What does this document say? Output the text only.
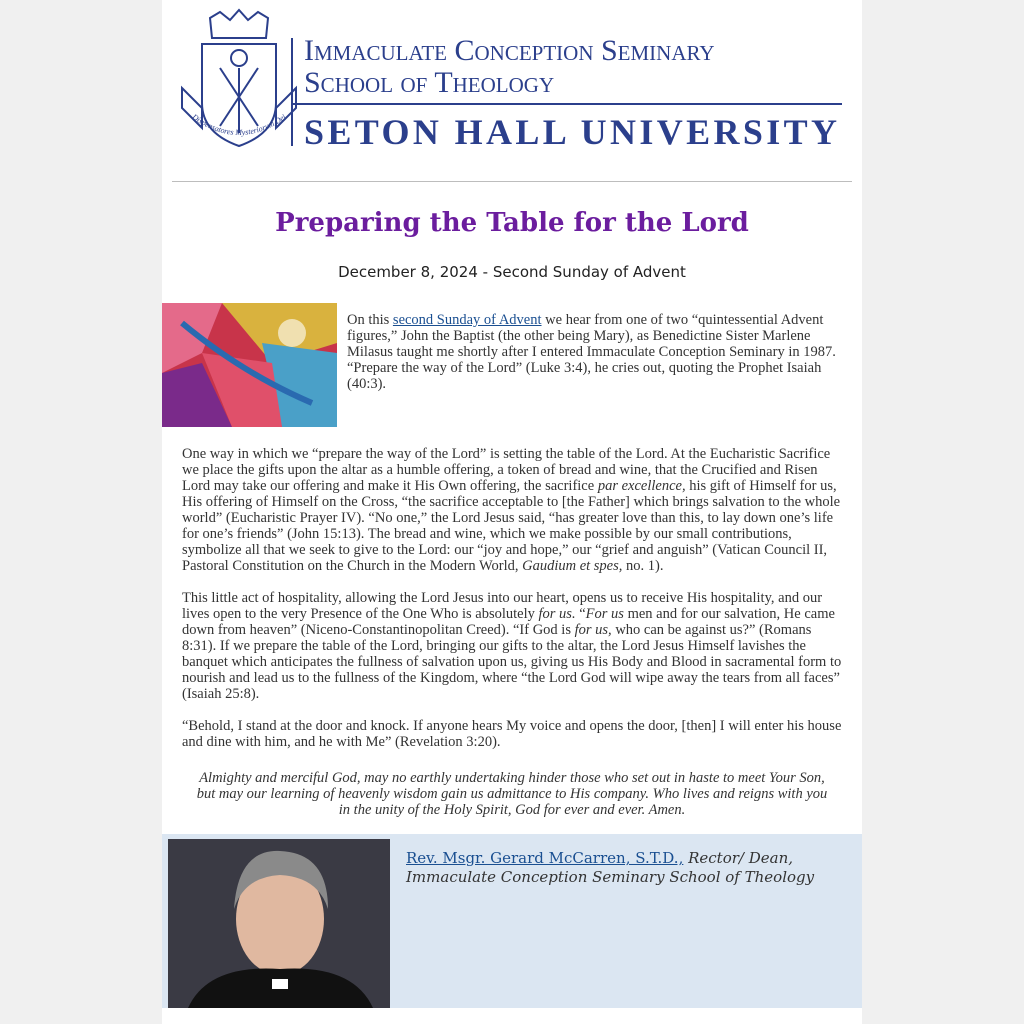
Dispensatores Mysteriorum Dei
Immaculate Conception Seminary
School of Theology
SETON HALL UNIVERSITY
Preparing the Table for the Lord
December 8, 2024 - Second Sunday of Advent
On this second Sunday of Advent we hear from one of two “quintessential Advent figures,” John the Baptist (the other being Mary), as Benedictine Sister Marlene Milasus taught me shortly after I entered Immaculate Conception Seminary in 1987. “Prepare the way of the Lord” (Luke 3:4), he cries out, quoting the Prophet Isaiah (40:3).

One way in which we “prepare the way of the Lord” is setting the table of the Lord. At the Eucharistic Sacrifice we place the gifts upon the altar as a humble offering, a token of bread and wine, that the Crucified and Risen Lord may take our offering and make it His Own offering, the sacrifice par excellence, his gift of Himself for us, His offering of Himself on the Cross, “the sacrifice acceptable to [the Father] which brings salvation to the whole world” (Eucharistic Prayer IV). “No one,” the Lord Jesus said, “has greater love than this, to lay down one’s life for one’s friends” (John 15:13). The bread and wine, which we make possible by our small contributions, symbolize all that we seek to give to the Lord: our “joy and hope,” our “grief and anguish” (Vatican Council II, Pastoral Constitution on the Church in the Modern World, Gaudium et spes, no. 1).

This little act of hospitality, allowing the Lord Jesus into our heart, opens us to receive His hospitality, and our lives open to the very Presence of the One Who is absolutely for us. “For us men and for our salvation, He came down from heaven” (Niceno-Constantinopolitan Creed). “If God is for us, who can be against us?” (Romans 8:31). If we prepare the table of the Lord, bringing our gifts to the altar, the Lord Jesus Himself lavishes the banquet which anticipates the fullness of salvation upon us, giving us His Body and Blood in sacramental form to nourish and lead us to the fullness of the Kingdom, where “the Lord God will wipe away the tears from all faces” (Isaiah 25:8).

“Behold, I stand at the door and knock. If anyone hears My voice and opens the door, [then] I will enter his house and dine with him, and he with Me” (Revelation 3:20).

Almighty and merciful God, may no earthly undertaking hinder those who set out in haste to meet Your Son, but may our learning of heavenly wisdom gain us admittance to His company. Who lives and reigns with you in the unity of the Holy Spirit, God for ever and ever. Amen.

Rev. Msgr. Gerard McCarren, S.T.D., Rector/ Dean, Immaculate Conception Seminary School of Theology
